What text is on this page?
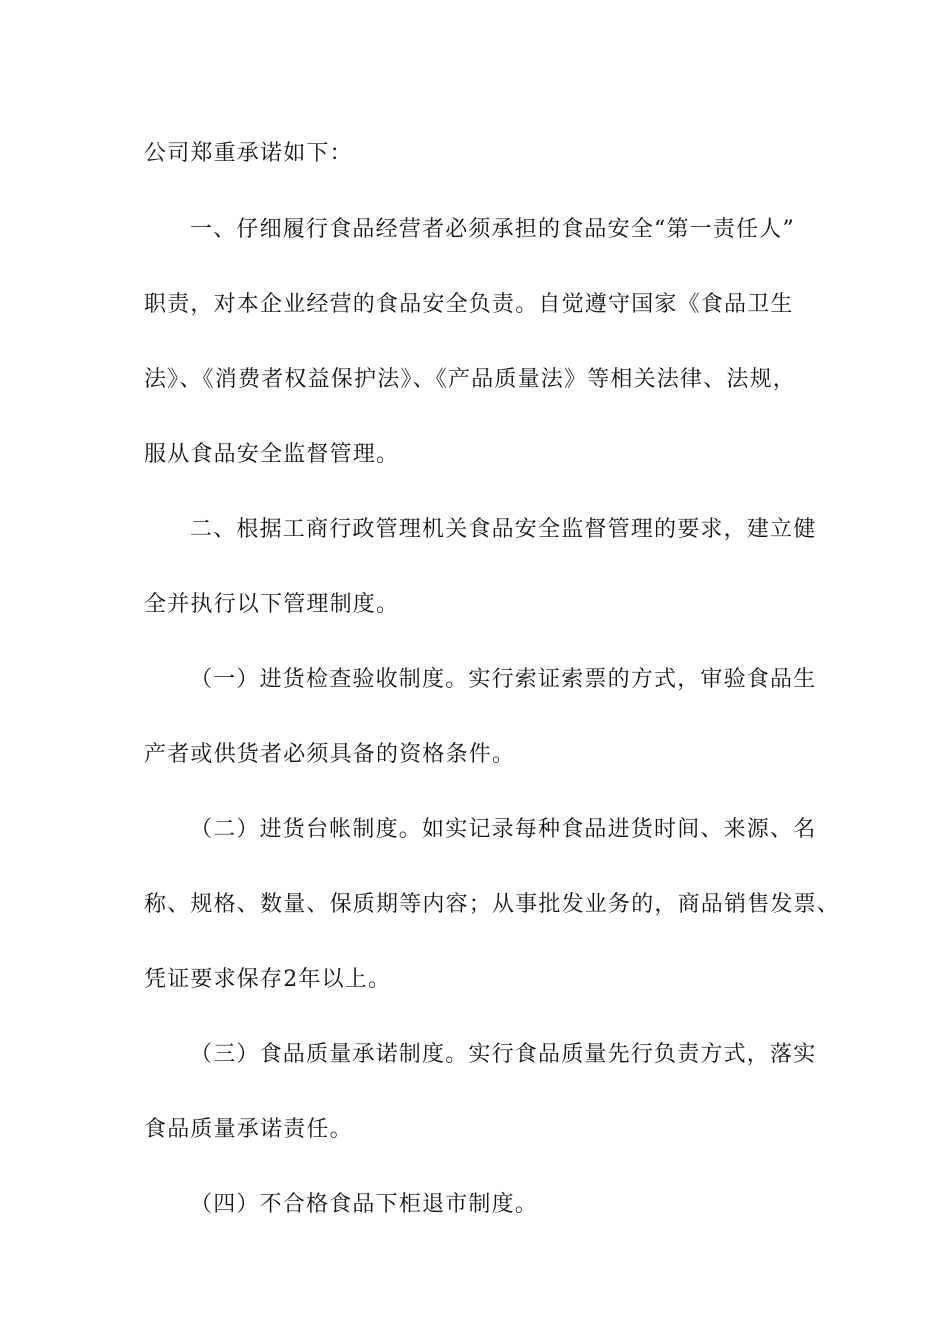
公司郑重承诺如下：
一、仔细履行食品经营者必须承担的食品安全“第一责任人”
职责，对本企业经营的食品安全负责。自觉遵守国家《食品卫生
法》、《消费者权益保护法》、《产品质量法》等相关法律、法规，
服从食品安全监督管理。
二、根据工商行政管理机关食品安全监督管理的要求，建立健
全并执行以下管理制度。
（一）进货检查验收制度。实行索证索票的方式，审验食品生
产者或供货者必须具备的资格条件。
（二）进货台帐制度。如实记录每种食品进货时间、来源、名
称、规格、数量、保质期等内容；从事批发业务的，商品销售发票、
凭证要求保存2年以上。
（三）食品质量承诺制度。实行食品质量先行负责方式，落实
食品质量承诺责任。
（四）不合格食品下柜退市制度。
